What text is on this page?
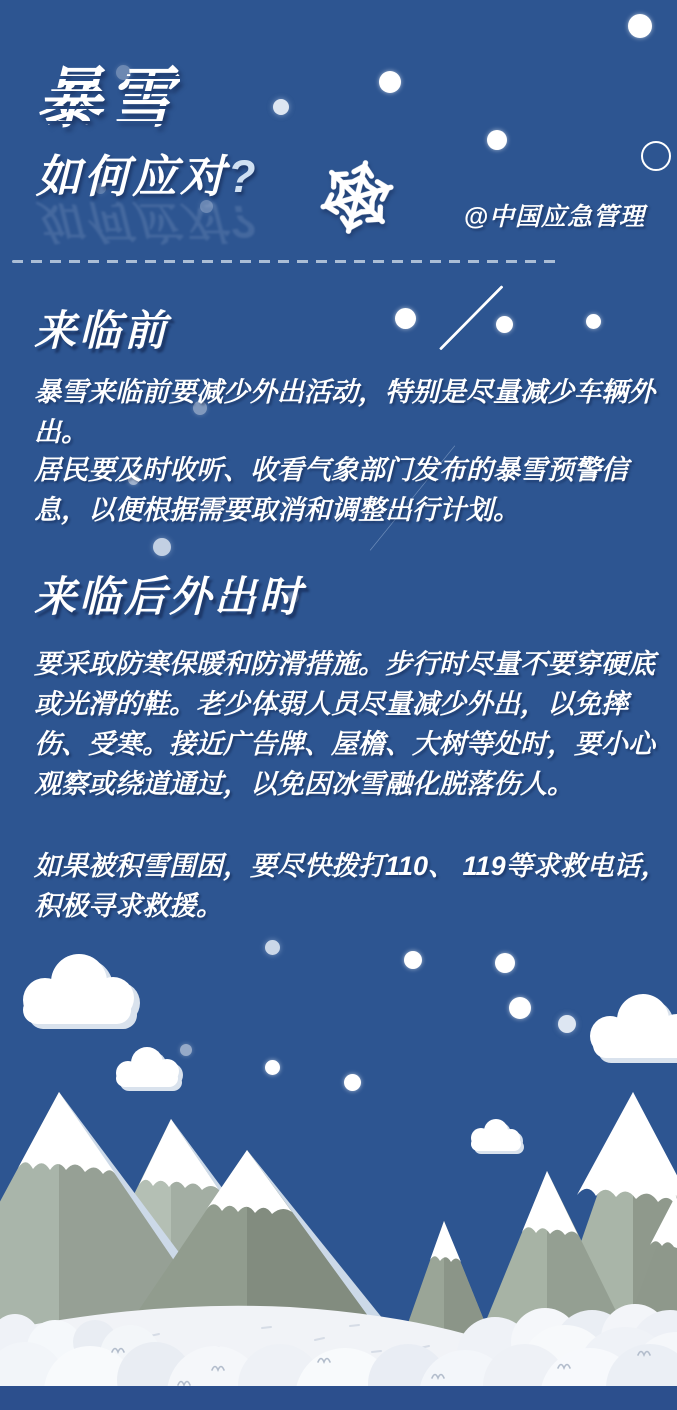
暴雪
如何应对?
如何应对?	@中国应急管理
来临前
暴雪来临前要减少外出活动，特别是尽量减少车辆外出。
居民要及时收听、收看气象部门发布的暴雪预警信息，以便根据需要取消和调整出行计划。
来临后外出时
要采取防寒保暖和防滑措施。步行时尽量不要穿硬底或光滑的鞋。老少体弱人员尽量减少外出，以免摔伤、受寒。接近广告牌、屋檐、大树等处时，要小心观察或绕道通过，以免因冰雪融化脱落伤人。
如果被积雪围困，要尽快拨打110、 119等求救电话，积极寻求救援。
